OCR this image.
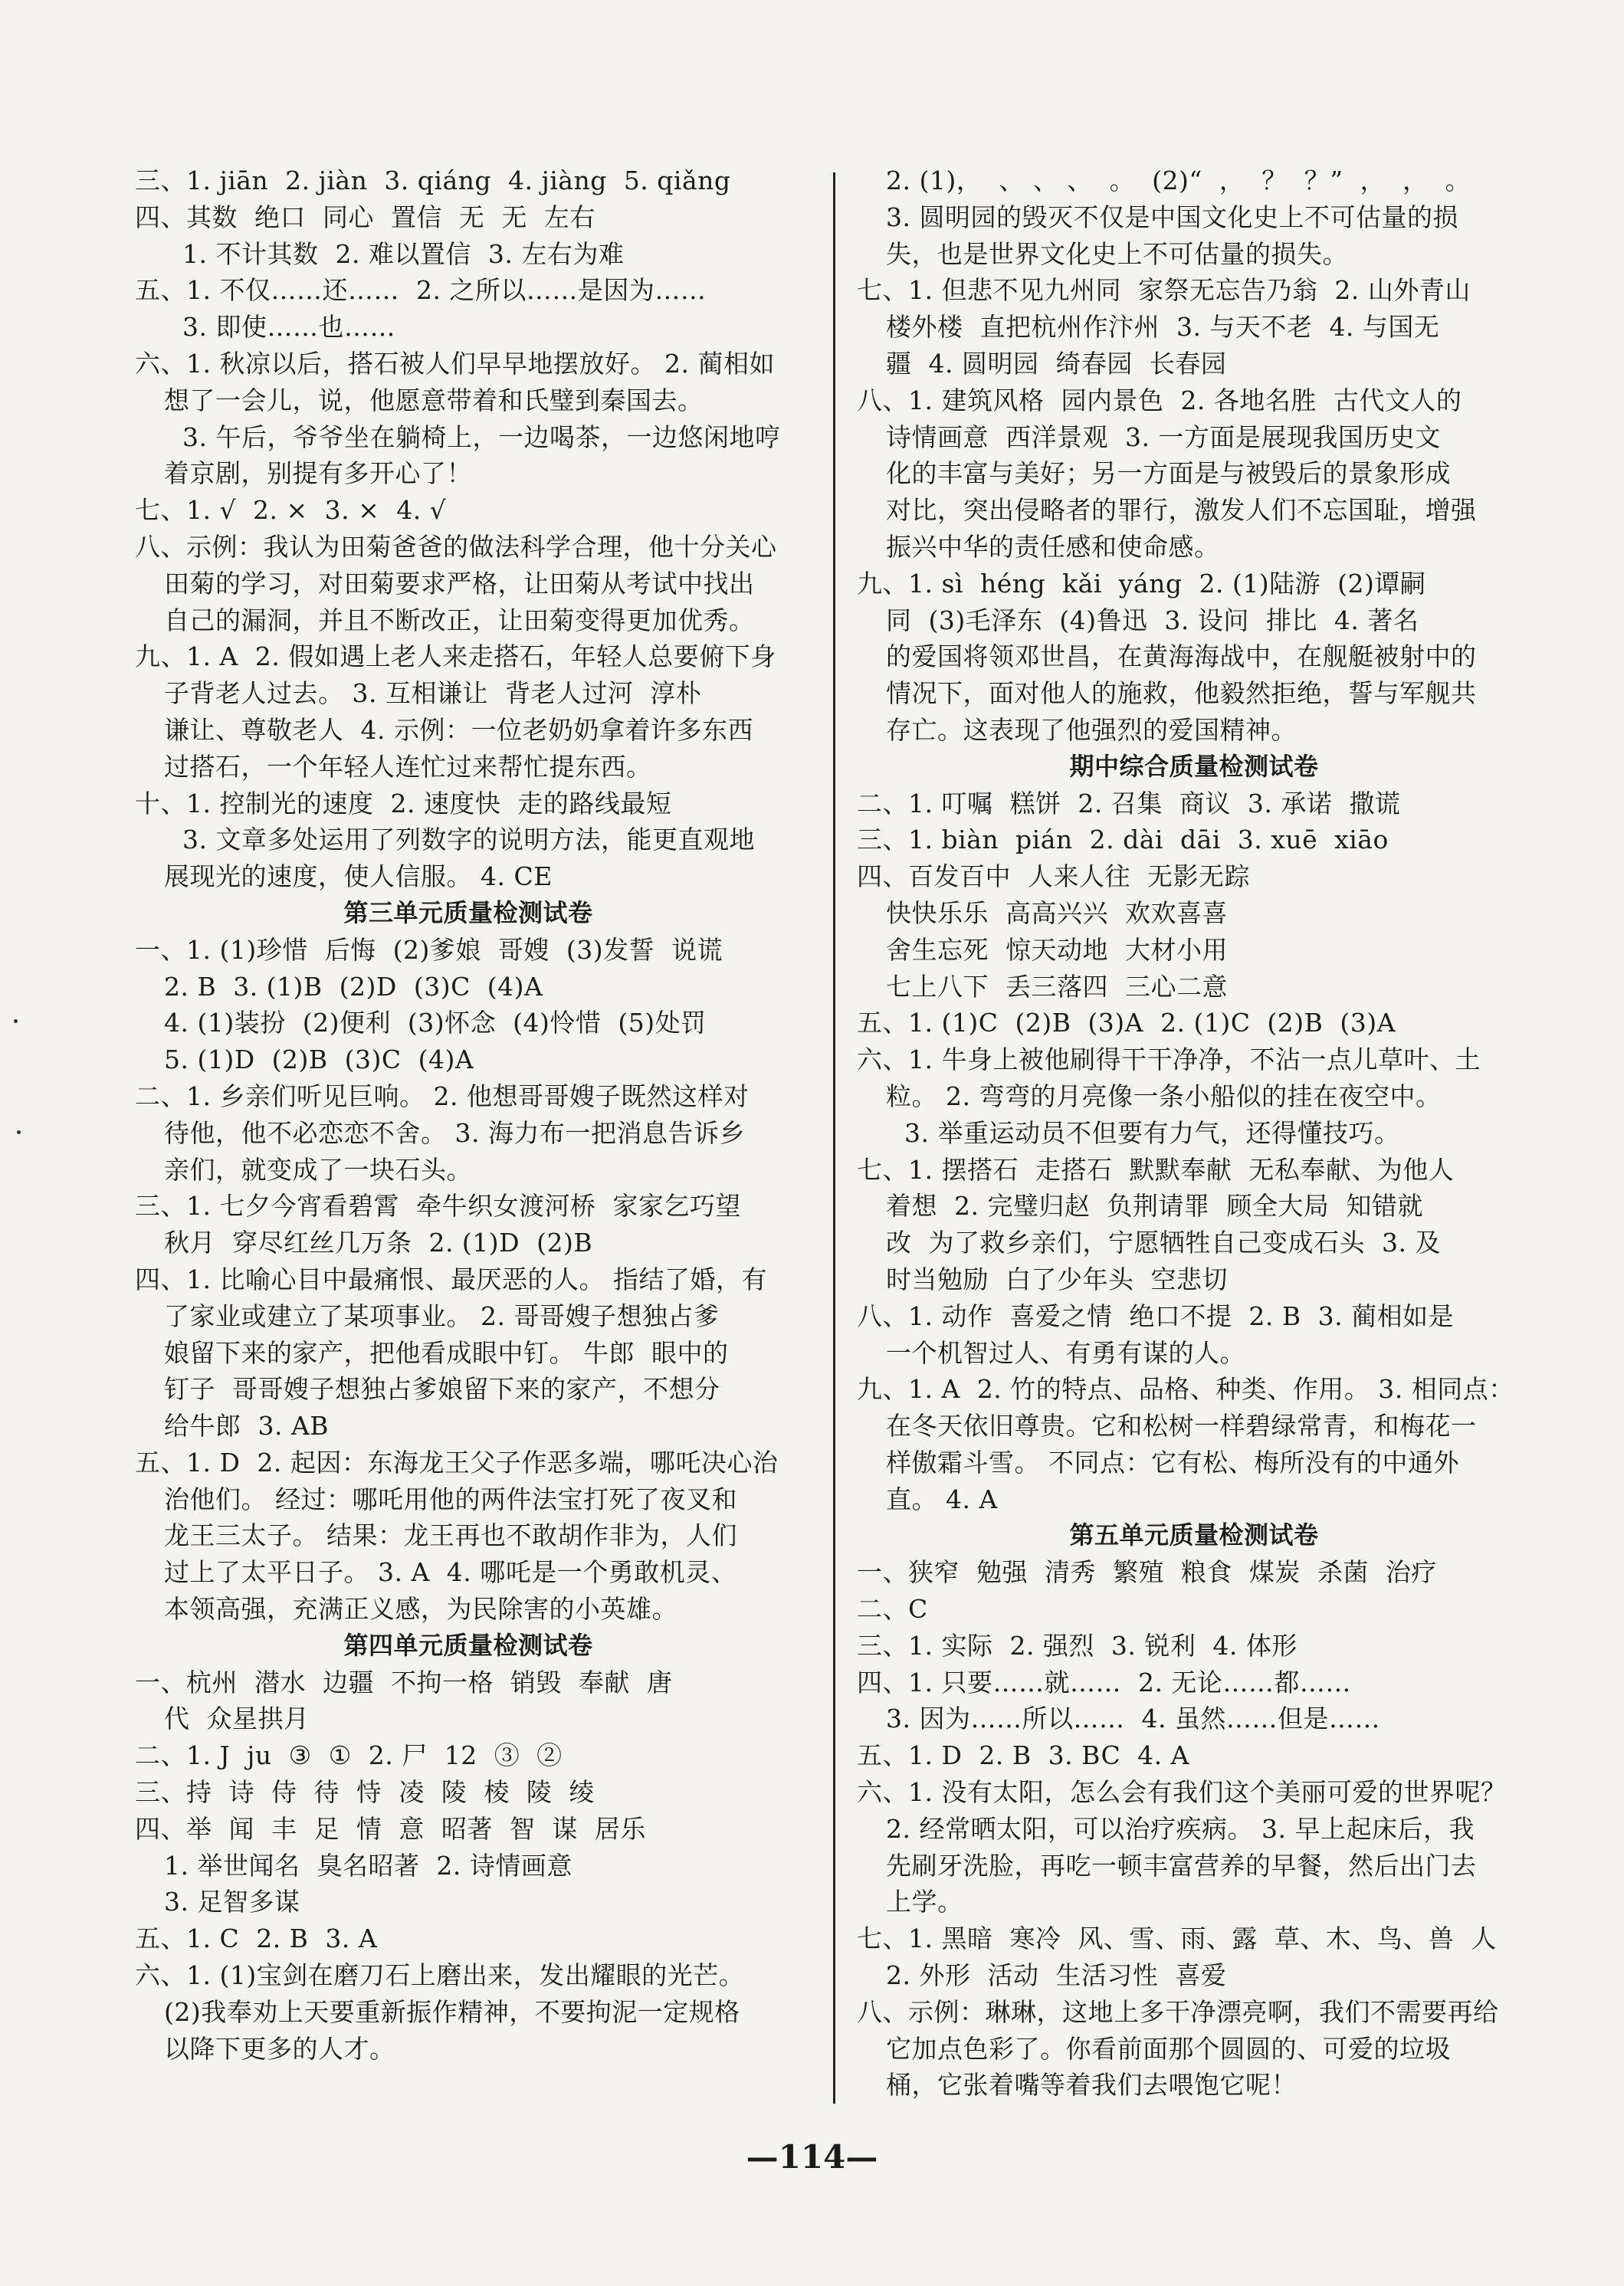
三、1. jiān  2. jiàn  3. qiáng  4. jiàng  5. qiǎng
四、其数  绝口  同心  置信  无  无  左右
1. 不计其数  2. 难以置信  3. 左右为难
五、1. 不仅……还……  2. 之所以……是因为……
3. 即使……也……
六、1. 秋凉以后，搭石被人们早早地摆放好。 2. 蔺相如
想了一会儿，说，他愿意带着和氏璧到秦国去。
3. 午后，爷爷坐在躺椅上，一边喝茶，一边悠闲地哼
着京剧，别提有多开心了！
七、1. √  2. ×  3. ×  4. √
八、示例：我认为田菊爸爸的做法科学合理，他十分关心
田菊的学习，对田菊要求严格，让田菊从考试中找出
自己的漏洞，并且不断改正，让田菊变得更加优秀。
九、1. A  2. 假如遇上老人来走搭石，年轻人总要俯下身
子背老人过去。 3. 互相谦让  背老人过河  淳朴
谦让、尊敬老人  4. 示例：一位老奶奶拿着许多东西
过搭石，一个年轻人连忙过来帮忙提东西。
十、1. 控制光的速度  2. 速度快  走的路线最短
3. 文章多处运用了列数字的说明方法，能更直观地
展现光的速度，使人信服。 4. CE
第三单元质量检测试卷
一、1. (1)珍惜  后悔  (2)爹娘  哥嫂  (3)发誓  说谎
2. B  3. (1)B  (2)D  (3)C  (4)A
4. (1)装扮  (2)便利  (3)怀念  (4)怜惜  (5)处罚
5. (1)D  (2)B  (3)C  (4)A
二、1. 乡亲们听见巨响。 2. 他想哥哥嫂子既然这样对
待他，他不必恋恋不舍。 3. 海力布一把消息告诉乡
亲们，就变成了一块石头。
三、1. 七夕今宵看碧霄  牵牛织女渡河桥  家家乞巧望
秋月  穿尽红丝几万条  2. (1)D  (2)B
四、1. 比喻心目中最痛恨、最厌恶的人。 指结了婚，有
了家业或建立了某项事业。 2. 哥哥嫂子想独占爹
娘留下来的家产，把他看成眼中钉。 牛郎  眼中的
钉子  哥哥嫂子想独占爹娘留下来的家产，不想分
给牛郎  3. AB
五、1. D  2. 起因：东海龙王父子作恶多端，哪吒决心治
治他们。 经过：哪吒用他的两件法宝打死了夜叉和
龙王三太子。 结果：龙王再也不敢胡作非为，人们
过上了太平日子。 3. A  4. 哪吒是一个勇敢机灵、
本领高强，充满正义感，为民除害的小英雄。
第四单元质量检测试卷
一、杭州  潜水  边疆  不拘一格  销毁  奉献  唐
代  众星拱月
二、1. J  ju  ③  ①  2. 尸  12  ③  ②
三、持  诗  侍  待  恃  凌  陵  棱  陵  绫
四、举  闻  丰  足  情  意  昭著  智  谋  居乐
1. 举世闻名  臭名昭著  2. 诗情画意
3. 足智多谋
五、1. C  2. B  3. A
六、1. (1)宝剑在磨刀石上磨出来，发出耀眼的光芒。
(2)我奉劝上天要重新振作精神，不要拘泥一定规格
以降下更多的人才。
2. (1)，  、 、 、  。  (2)“  ，  ？  ？”  ，  ，  。
3. 圆明园的毁灭不仅是中国文化史上不可估量的损
失，也是世界文化史上不可估量的损失。
七、1. 但悲不见九州同  家祭无忘告乃翁  2. 山外青山
楼外楼  直把杭州作汴州  3. 与天不老  4. 与国无
疆  4. 圆明园  绮春园  长春园
八、1. 建筑风格  园内景色  2. 各地名胜  古代文人的
诗情画意  西洋景观  3. 一方面是展现我国历史文
化的丰富与美好；另一方面是与被毁后的景象形成
对比，突出侵略者的罪行，激发人们不忘国耻，增强
振兴中华的责任感和使命感。
九、1. sì  héng  kǎi  yáng  2. (1)陆游  (2)谭嗣
同  (3)毛泽东  (4)鲁迅  3. 设问  排比  4. 著名
的爱国将领邓世昌，在黄海海战中，在舰艇被射中的
情况下，面对他人的施救，他毅然拒绝，誓与军舰共
存亡。这表现了他强烈的爱国精神。
期中综合质量检测试卷
二、1. 叮嘱  糕饼  2. 召集  商议  3. 承诺  撒谎
三、1. biàn  pián  2. dài  dāi  3. xuē  xiāo
四、百发百中  人来人往  无影无踪
快快乐乐  高高兴兴  欢欢喜喜
舍生忘死  惊天动地  大材小用
七上八下  丢三落四  三心二意
五、1. (1)C  (2)B  (3)A  2. (1)C  (2)B  (3)A
六、1. 牛身上被他刷得干干净净，不沾一点儿草叶、土
粒。 2. 弯弯的月亮像一条小船似的挂在夜空中。
3. 举重运动员不但要有力气，还得懂技巧。
七、1. 摆搭石  走搭石  默默奉献  无私奉献、为他人
着想  2. 完璧归赵  负荆请罪  顾全大局  知错就
改  为了救乡亲们，宁愿牺牲自己变成石头  3. 及
时当勉励  白了少年头  空悲切
八、1. 动作  喜爱之情  绝口不提  2. B  3. 蔺相如是
一个机智过人、有勇有谋的人。
九、1. A  2. 竹的特点、品格、种类、作用。 3. 相同点：
在冬天依旧尊贵。它和松树一样碧绿常青，和梅花一
样傲霜斗雪。 不同点：它有松、梅所没有的中通外
直。 4. A
第五单元质量检测试卷
一、狭窄  勉强  清秀  繁殖  粮食  煤炭  杀菌  治疗
二、C
三、1. 实际  2. 强烈  3. 锐利  4. 体形
四、1. 只要……就……  2. 无论……都……
3. 因为……所以……  4. 虽然……但是……
五、1. D  2. B  3. BC  4. A
六、1. 没有太阳，怎么会有我们这个美丽可爱的世界呢？
2. 经常晒太阳，可以治疗疾病。 3. 早上起床后，我
先刷牙洗脸，再吃一顿丰富营养的早餐，然后出门去
上学。
七、1. 黑暗  寒冷  风、雪、雨、露  草、木、鸟、兽  人
2. 外形  活动  生活习性  喜爱
八、示例：琳琳，这地上多干净漂亮啊，我们不需要再给
它加点色彩了。你看前面那个圆圆的、可爱的垃圾
桶，它张着嘴等着我们去喂饱它呢！
—114—
